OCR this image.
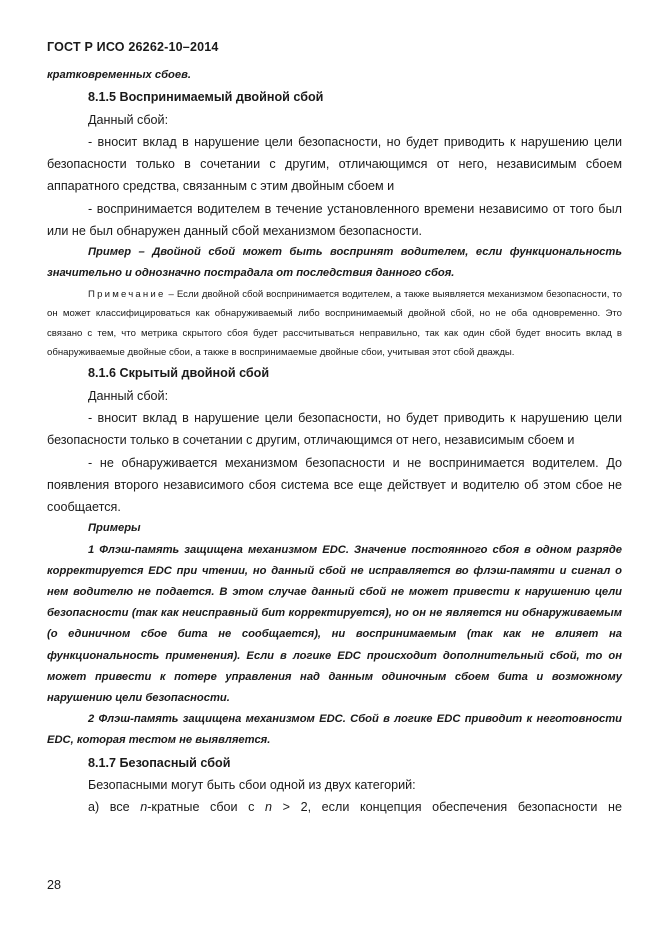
ГОСТ Р ИСО 26262-10–2014

кратковременных сбоев.

8.1.5 Воспринимаемый двойной сбой

Данный сбой:

- вносит вклад в нарушение цели безопасности, но будет приводить к нарушению цели безопасности только в сочетании с другим, отличающимся от него, независимым сбоем аппаратного средства, связанным с этим двойным сбоем и

- воспринимается водителем в течение установленного времени независимо от того был или не был обнаружен данный сбой механизмом безопасности.

Пример – Двойной сбой может быть воспринят водителем, если функциональность значительно и однозначно пострадала от последствия данного сбоя.

Примечание – Если двойной сбой воспринимается водителем, а также выявляется механизмом безопасности, то он может классифицироваться как обнаруживаемый либо воспринимаемый двойной сбой, но не оба одновременно. Это связано с тем, что метрика скрытого сбоя будет рассчитываться неправильно, так как один сбой будет вносить вклад в обнаруживаемые двойные сбои, а также в воспринимаемые двойные сбои, учитывая этот сбой дважды.

8.1.6 Скрытый двойной сбой

Данный сбой:

- вносит вклад в нарушение цели безопасности, но будет приводить к нарушению цели безопасности только в сочетании с другим, отличающимся от него, независимым сбоем и

- не обнаруживается механизмом безопасности и не воспринимается водителем. До появления второго независимого сбоя система все еще действует и водителю об этом сбое не сообщается.

Примеры

1 Флэш-память защищена механизмом EDC. Значение постоянного сбоя в одном разряде корректируется EDC при чтении, но данный сбой не исправляется во флэш-памяти и сигнал о нем водителю не подается. В этом случае данный сбой не может привести к нарушению цели безопасности (так как неисправный бит корректируется), но он не является ни обнаруживаемым (о единичном сбое бита не сообщается), ни воспринимаемым (так как не влияет на функциональность применения). Если в логике EDC происходит дополнительный сбой, то он может привести к потере управления над данным одиночным сбоем бита и возможному нарушению цели безопасности.

2 Флэш-память защищена механизмом EDC. Сбой в логике EDC приводит к неготовности EDC, которая тестом не выявляется.

8.1.7 Безопасный сбой

Безопасными могут быть сбои одной из двух категорий:

а) все n-кратные сбои с n > 2, если концепция обеспечения безопасности не

28
